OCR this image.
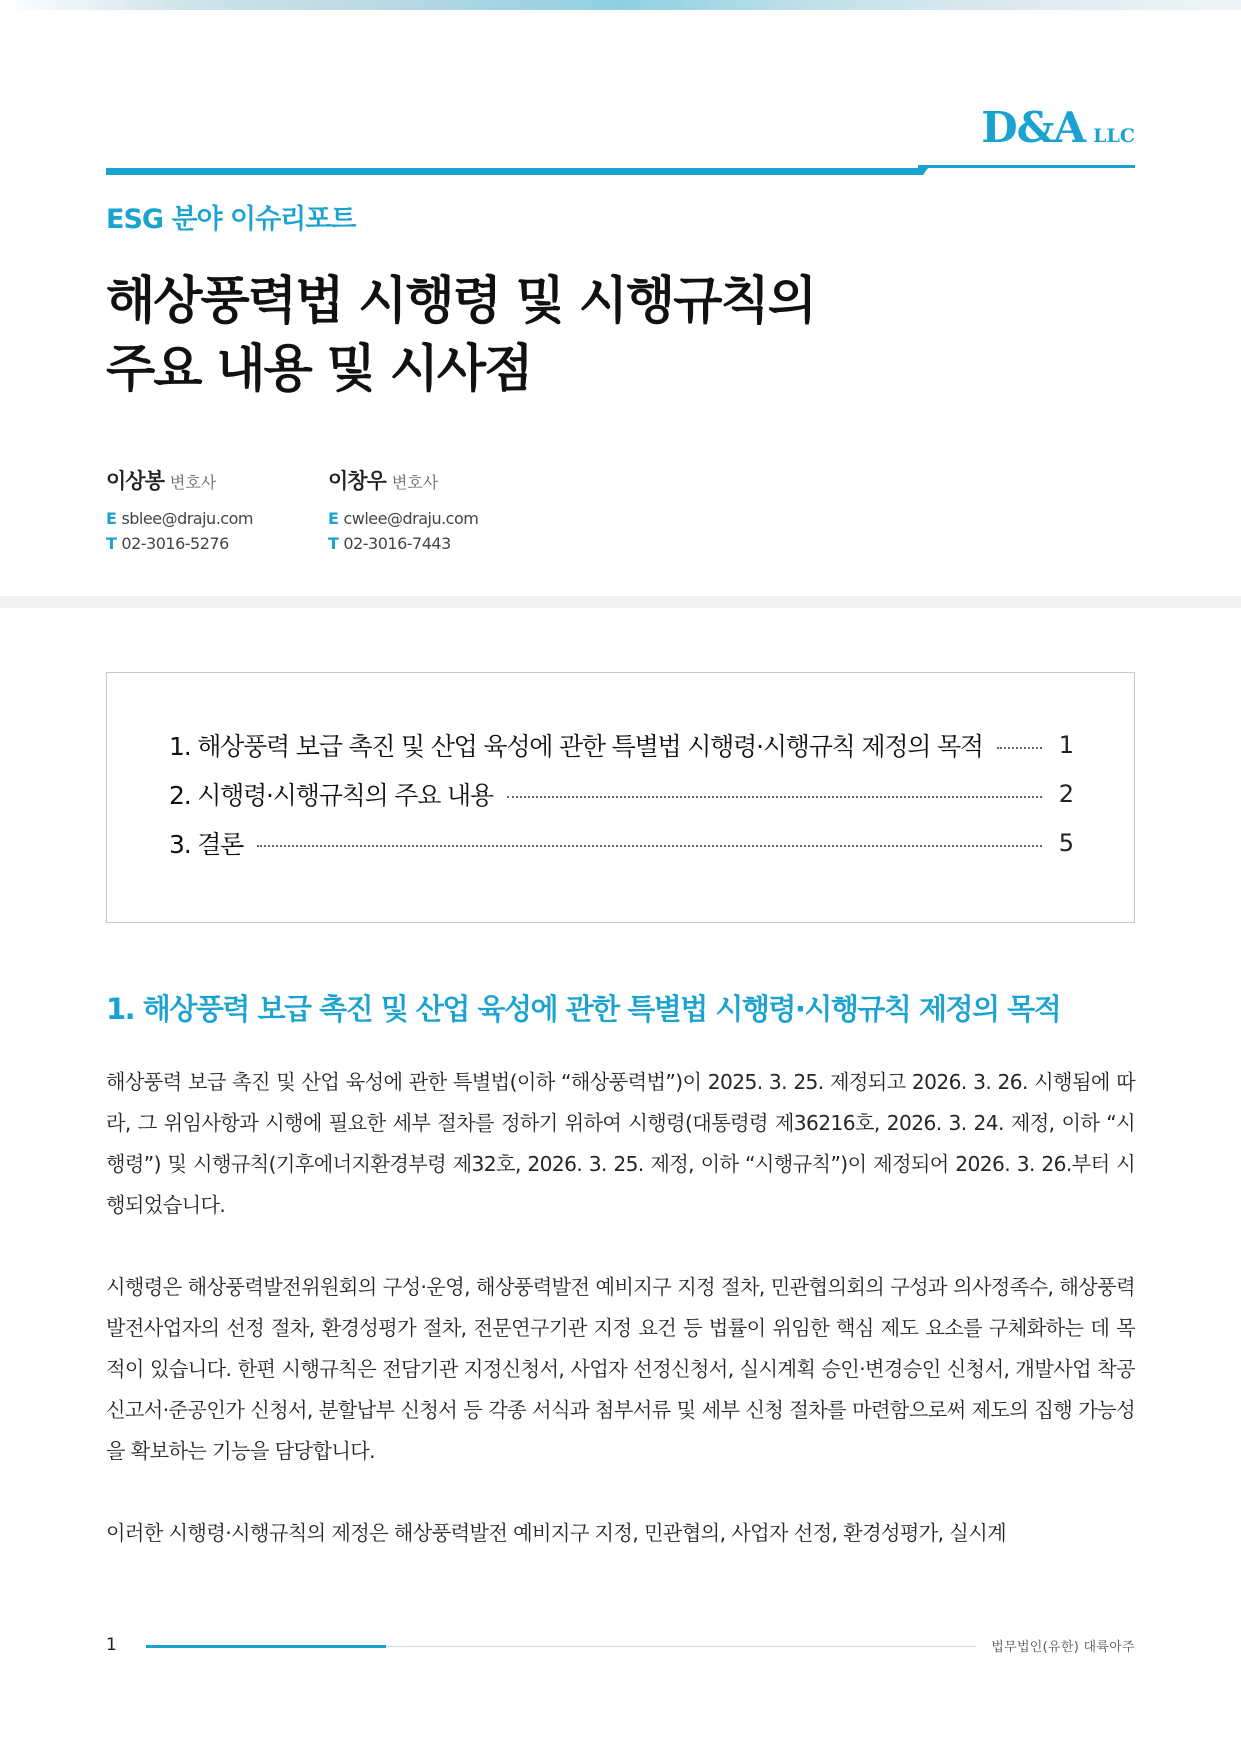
D&A LLC
ESG 분야 이슈리포트
해상풍력법 시행령 및 시행규칙의
주요 내용 및 시사점
이상봉 변호사
E sblee@draju.com
T 02-3016-5276
이창우 변호사
E cwlee@draju.com
T 02-3016-7443
1. 해상풍력 보급 촉진 및 산업 육성에 관한 특별법 시행령·시행규칙 제정의 목적	1
2. 시행령·시행규칙의 주요 내용	2
3. 결론	5
1. 해상풍력 보급 촉진 및 산업 육성에 관한 특별법 시행령·시행규칙 제정의 목적

해상풍력 보급 촉진 및 산업 육성에 관한 특별법(이하 “해상풍력법”)이 2025. 3. 25. 제정되고 2026. 3. 26. 시행됨에 따라, 그 위임사항과 시행에 필요한 세부 절차를 정하기 위하여 시행령(대통령령 제36216호, 2026. 3. 24. 제정, 이하 “시행령”) 및 시행규칙(기후에너지환경부령 제32호, 2026. 3. 25. 제정, 이하 “시행규칙”)이 제정되어 2026. 3. 26.부터 시행되었습니다.

시행령은 해상풍력발전위원회의 구성·운영, 해상풍력발전 예비지구 지정 절차, 민관협의회의 구성과 의사정족수, 해상풍력발전사업자의 선정 절차, 환경성평가 절차, 전문연구기관 지정 요건 등 법률이 위임한 핵심 제도 요소를 구체화하는 데 목적이 있습니다. 한편 시행규칙은 전담기관 지정신청서, 사업자 선정신청서, 실시계획 승인·변경승인 신청서, 개발사업 착공신고서·준공인가 신청서, 분할납부 신청서 등 각종 서식과 첨부서류 및 세부 신청 절차를 마련함으로써 제도의 집행 가능성을 확보하는 기능을 담당합니다.

이러한 시행령·시행규칙의 제정은 해상풍력발전 예비지구 지정, 민관협의, 사업자 선정, 환경성평가, 실시계

1	법무법인(유한) 대륙아주
